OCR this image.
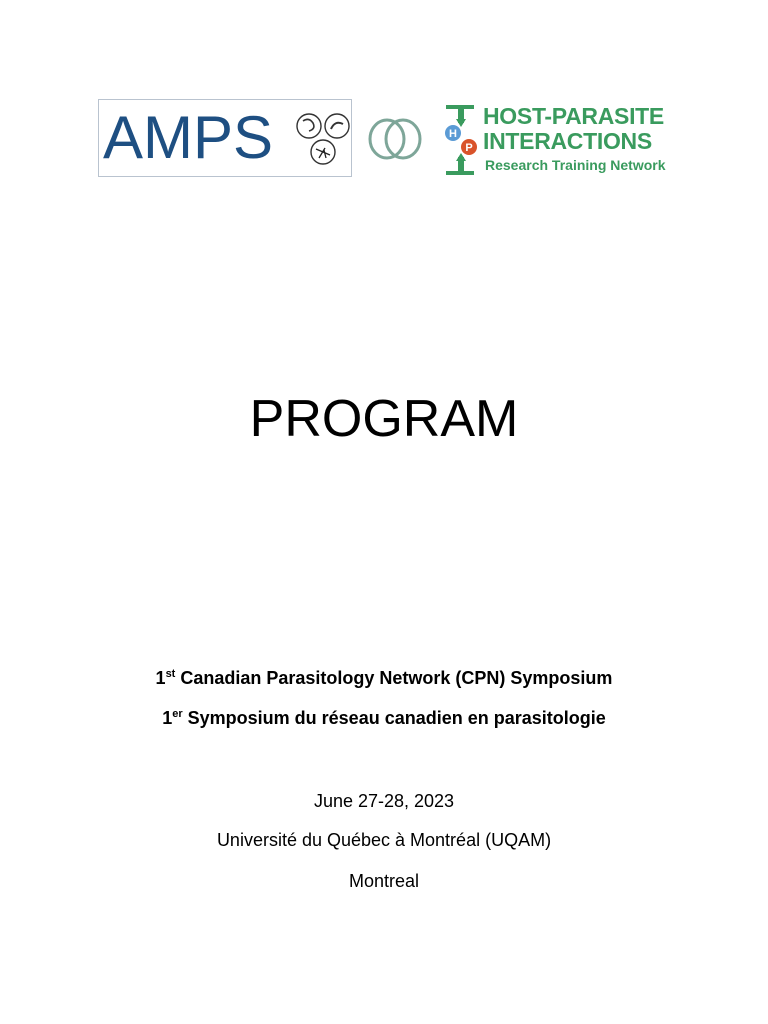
AMPS	H
P
HOST-PARASITE
INTERACTIONS
Research Training Network
PROGRAM
1st Canadian Parasitology Network (CPN) Symposium
1er Symposium du réseau canadien en parasitologie
June 27-28, 2023
Université du Québec à Montréal (UQAM)
Montreal
